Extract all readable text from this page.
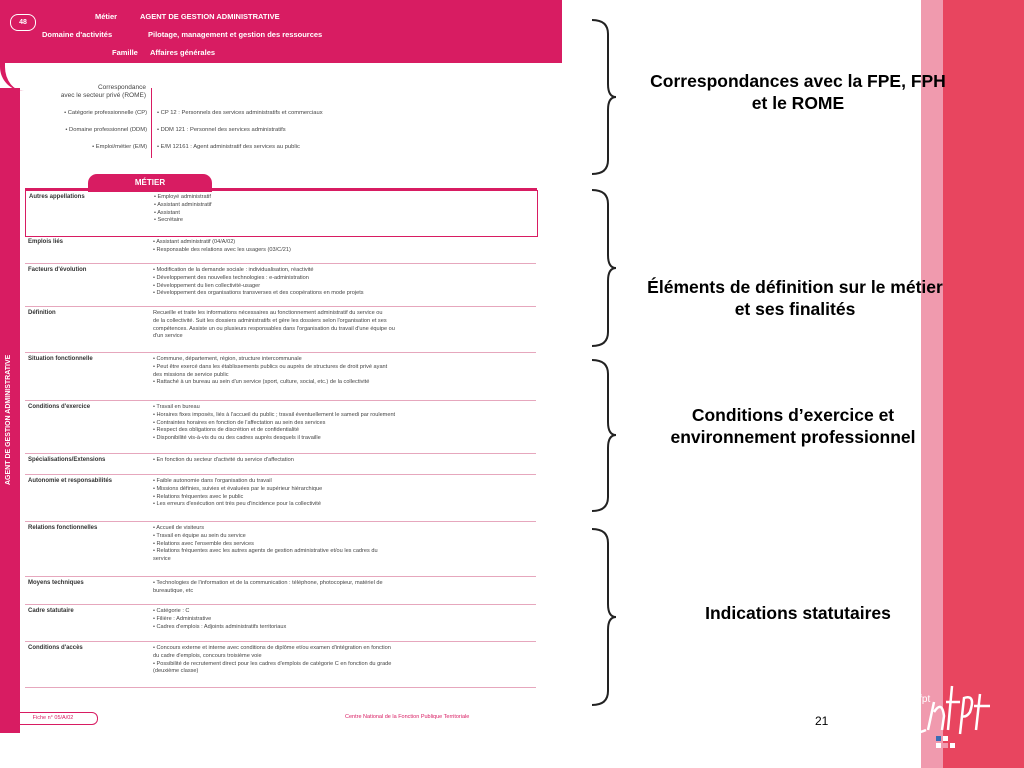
48
Métier	AGENT DE GESTION ADMINISTRATIVE
Domaine d'activités	Pilotage, management et gestion des ressources
Famille Affaires générales
AGENT DE GESTION ADMINISTRATIVE
Correspondance
avec le secteur privé (ROME)
• Catégorie professionnelle (CP) • CP 12 : Personnels des services administratifs et commerciaux
• Domaine professionnel (DDM) • DDM 121 : Personnel des services administratifs
• Emploi/métier (E/M) • E/M 12161 : Agent administratif des services au public
MÉTIER
Autres appellations	• Employé administratif
• Assistant administratif
• Assistant
• Secrétaire
Emplois liés	• Assistant administratif (04/A/02)
• Responsable des relations avec les usagers (03/C/21)
Facteurs d'évolution	• Modification de la demande sociale : individualisation, réactivité
• Développement des nouvelles technologies : e-administration
• Développement du lien collectivité-usager
• Développement des organisations transverses et des coopérations en mode projets
Définition	Recueille et traite les informations nécessaires au fonctionnement administratif du service ou
de la collectivité. Suit les dossiers administratifs et gère les dossiers selon l'organisation et ses
compétences. Assiste un ou plusieurs responsables dans l'organisation du travail d'une équipe ou
d'un service
Situation fonctionnelle	• Commune, département, région, structure intercommunale
• Peut être exercé dans les établissements publics ou auprès de structures de droit privé ayant
des missions de service public
• Rattaché à un bureau au sein d'un service (sport, culture, social, etc.) de la collectivité
Conditions d'exercice	• Travail en bureau
• Horaires fixes imposés, liés à l'accueil du public ; travail éventuellement le samedi par roulement
• Contraintes horaires en fonction de l'affectation au sein des services
• Respect des obligations de discrétion et de confidentialité
• Disponibilité vis-à-vis du ou des cadres auprès desquels il travaille
Spécialisations/Extensions	• En fonction du secteur d'activité du service d'affectation
Autonomie et responsabilités	• Faible autonomie dans l'organisation du travail
• Missions définies, suivies et évaluées par le supérieur hiérarchique
• Relations fréquentes avec le public
• Les erreurs d'exécution ont très peu d'incidence pour la collectivité
Relations fonctionnelles	• Accueil de visiteurs
• Travail en équipe au sein du service
• Relations avec l'ensemble des services
• Relations fréquentes avec les autres agents de gestion administrative et/ou les cadres du
service
Moyens techniques	• Technologies de l'information et de la communication : téléphone, photocopieur, matériel de
bureautique, etc
Cadre statutaire	• Catégorie : C
• Filière : Administrative
• Cadres d'emplois : Adjoints administratifs territoriaux
Conditions d'accès	• Concours externe et interne avec conditions de diplôme et/ou examen d'intégration en fonction
du cadre d'emplois, concours troisième voie
• Possibilité de recrutement direct pour les cadres d'emplois de catégorie C en fonction du grade
(deuxième classe)
Fiche n° 05/A/02	Centre National de la Fonction Publique Territoriale
Correspondances avec la FPE, FPH et le ROME
Éléments de définition sur le métier et ses finalités
Conditions d’exercice et environnement professionnel
Indications statutaires
21
le cnfpt
